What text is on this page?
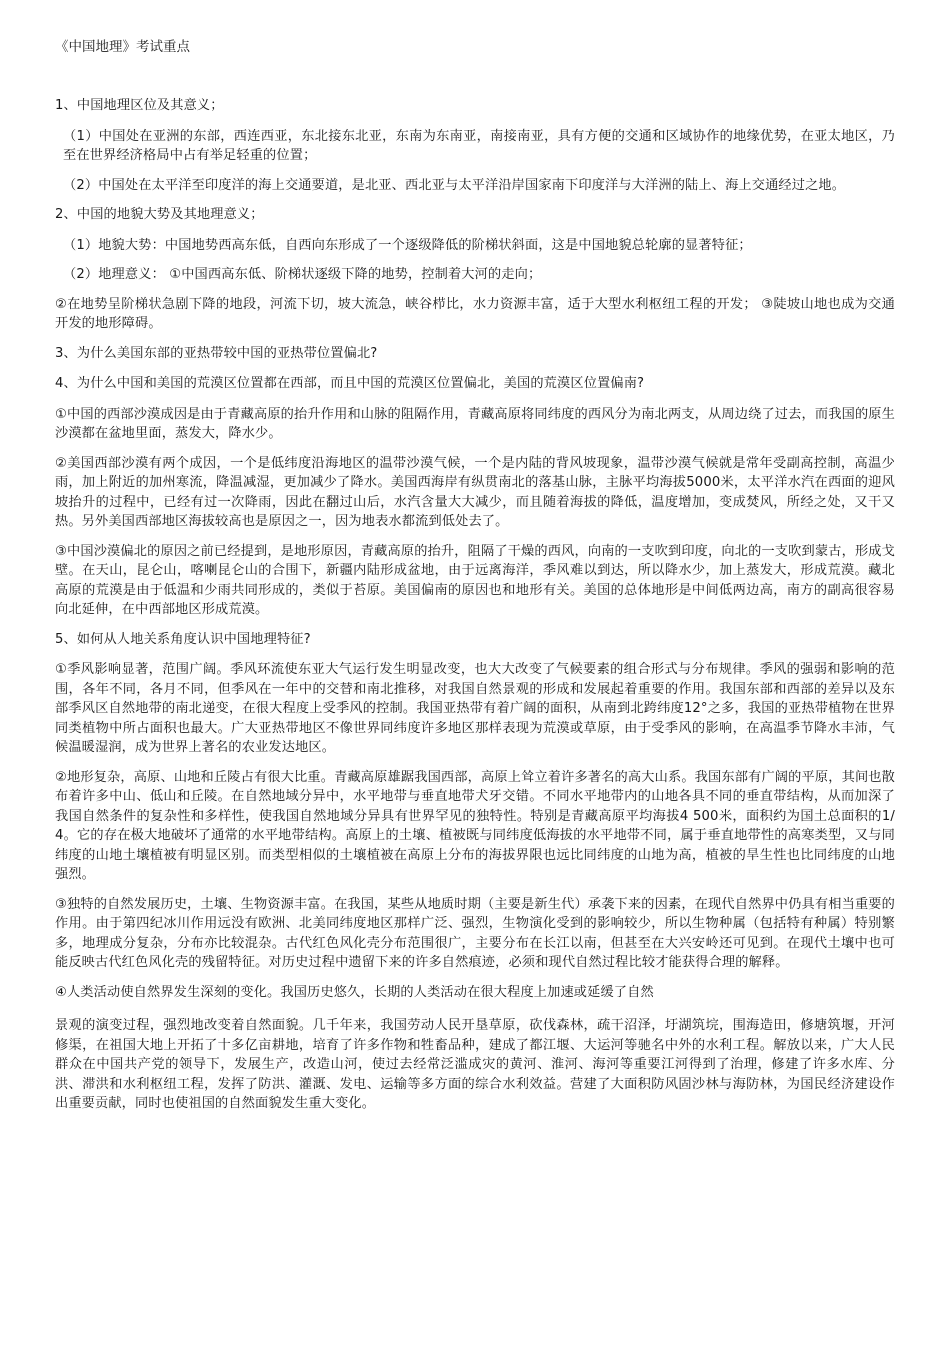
《中国地理》考试重点

1、中国地理区位及其意义；

（1）中国处在亚洲的东部，西连西亚，东北接东北亚，东南为东南亚，南接南亚，具有方便的交通和区域协作的地缘优势，在亚太地区，乃至在世界经济格局中占有举足轻重的位置；

（2）中国处在太平洋至印度洋的海上交通要道，是北亚、西北亚与太平洋沿岸国家南下印度洋与大洋洲的陆上、海上交通经过之地。

2、中国的地貌大势及其地理意义；

（1）地貌大势：中国地势西高东低，自西向东形成了一个逐级降低的阶梯状斜面，这是中国地貌总轮廓的显著特征；

（2）地理意义： ①中国西高东低、阶梯状逐级下降的地势，控制着大河的走向；

②在地势呈阶梯状急剧下降的地段，河流下切，坡大流急，峡谷栉比，水力资源丰富，适于大型水利枢纽工程的开发； ③陡坡山地也成为交通开发的地形障碍。

3、为什么美国东部的亚热带较中国的亚热带位置偏北?

4、为什么中国和美国的荒漠区位置都在西部，而且中国的荒漠区位置偏北，美国的荒漠区位置偏南?

①中国的西部沙漠成因是由于青藏高原的抬升作用和山脉的阻隔作用，青藏高原将同纬度的西风分为南北两支，从周边绕了过去，而我国的原生沙漠都在盆地里面，蒸发大，降水少。

②美国西部沙漠有两个成因，一个是低纬度沿海地区的温带沙漠气候，一个是内陆的背风坡现象，温带沙漠气候就是常年受副高控制，高温少雨，加上附近的加州寒流，降温减湿，更加减少了降水。美国西海岸有纵贯南北的落基山脉，主脉平均海拔5000米，太平洋水汽在西面的迎风坡抬升的过程中，已经有过一次降雨，因此在翻过山后，水汽含量大大减少，而且随着海拔的降低，温度增加，变成焚风，所经之处，又干又热。另外美国西部地区海拔较高也是原因之一，因为地表水都流到低处去了。

③中国沙漠偏北的原因之前已经提到，是地形原因，青藏高原的抬升，阻隔了干燥的西风，向南的一支吹到印度，向北的一支吹到蒙古，形成戈壁。在天山，昆仑山，喀喇昆仑山的合围下，新疆内陆形成盆地，由于远离海洋，季风难以到达，所以降水少，加上蒸发大，形成荒漠。藏北高原的荒漠是由于低温和少雨共同形成的，类似于苔原。美国偏南的原因也和地形有关。美国的总体地形是中间低两边高，南方的副高很容易向北延伸，在中西部地区形成荒漠。

5、如何从人地关系角度认识中国地理特征?

①季风影响显著，范围广阔。季风环流使东亚大气运行发生明显改变，也大大改变了气候要素的组合形式与分布规律。季风的强弱和影响的范围，各年不同，各月不同，但季风在一年中的交替和南北推移，对我国自然景观的形成和发展起着重要的作用。我国东部和西部的差异以及东部季风区自然地带的南北递变，在很大程度上受季风的控制。我国亚热带有着广阔的面积，从南到北跨纬度12°之多，我国的亚热带植物在世界同类植物中所占面积也最大。广大亚热带地区不像世界同纬度许多地区那样表现为荒漠或草原，由于受季风的影响，在高温季节降水丰沛，气候温暖湿润，成为世界上著名的农业发达地区。

②地形复杂，高原、山地和丘陵占有很大比重。青藏高原雄踞我国西部，高原上耸立着许多著名的高大山系。我国东部有广阔的平原，其间也散布着许多中山、低山和丘陵。在自然地域分异中，水平地带与垂直地带犬牙交错。不同水平地带内的山地各具不同的垂直带结构，从而加深了我国自然条件的复杂性和多样性，使我国自然地域分异具有世界罕见的独特性。特别是青藏高原平均海拔4 500米，面积约为国土总面积的1/4。它的存在极大地破坏了通常的水平地带结构。高原上的土壤、植被既与同纬度低海拔的水平地带不同，属于垂直地带性的高寒类型，又与同纬度的山地土壤植被有明显区别。而类型相似的土壤植被在高原上分布的海拔界限也远比同纬度的山地为高，植被的旱生性也比同纬度的山地强烈。

③独特的自然发展历史，土壤、生物资源丰富。在我国，某些从地质时期（主要是新生代）承袭下来的因素，在现代自然界中仍具有相当重要的作用。由于第四纪冰川作用远没有欧洲、北美同纬度地区那样广泛、强烈，生物演化受到的影响较少，所以生物种属（包括特有种属）特别繁多，地理成分复杂，分布亦比较混杂。古代红色风化壳分布范围很广，主要分布在长江以南，但甚至在大兴安岭还可见到。在现代土壤中也可能反映古代红色风化壳的残留特征。对历史过程中遗留下来的许多自然痕迹，必须和现代自然过程比较才能获得合理的解释。

④人类活动使自然界发生深刻的变化。我国历史悠久，长期的人类活动在很大程度上加速或延缓了自然

景观的演变过程，强烈地改变着自然面貌。几千年来，我国劳动人民开垦草原，砍伐森林，疏干沼泽，圩湖筑垸，围海造田，修塘筑堰，开河修渠，在祖国大地上开拓了十多亿亩耕地，培育了许多作物和牲畜品种，建成了都江堰、大运河等驰名中外的水利工程。解放以来，广大人民群众在中国共产党的领导下，发展生产，改造山河，使过去经常泛滥成灾的黄河、淮河、海河等重要江河得到了治理，修建了许多水库、分洪、滞洪和水利枢纽工程，发挥了防洪、灌溉、发电、运输等多方面的综合水利效益。营建了大面积防风固沙林与海防林，为国民经济建设作出重要贡献，同时也使祖国的自然面貌发生重大变化。
